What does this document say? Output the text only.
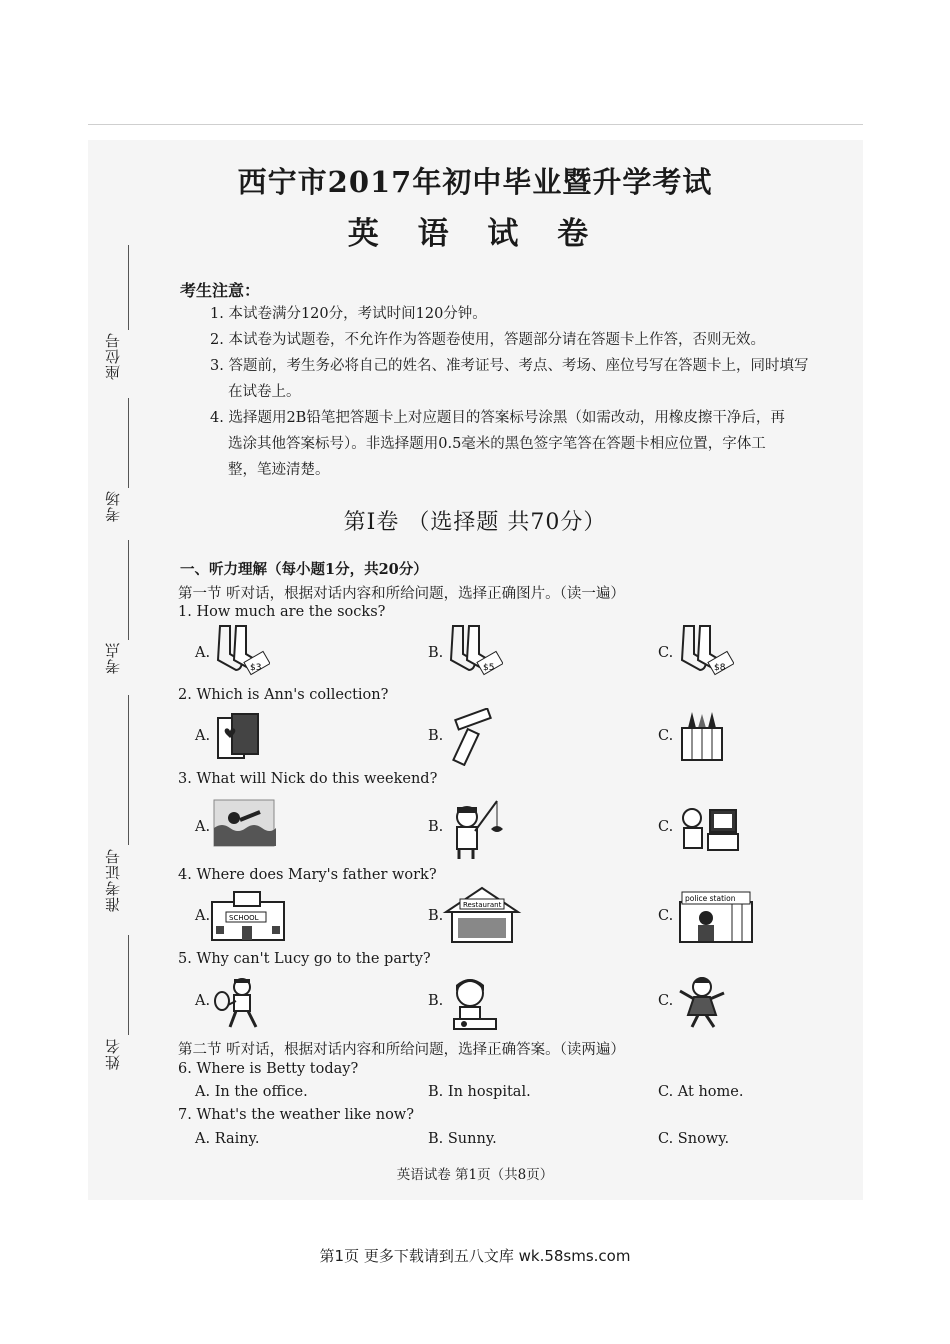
座位号
考场
考点
准考证号
姓名
西宁市2017年初中毕业暨升学考试
英 语 试 卷
考生注意：
1. 本试卷满分120分，考试时间120分钟。
2. 本试卷为试题卷，不允许作为答题卷使用，答题部分请在答题卡上作答，否则无效。
3. 答题前，考生务必将自己的姓名、准考证号、考点、考场、座位号写在答题卡上，同时填写
在试卷上。
4. 选择题用2B铅笔把答题卡上对应题目的答案标号涂黑（如需改动，用橡皮擦干净后，再
选涂其他答案标号）。非选择题用0.5毫米的黑色签字笔答在答题卡相应位置，字体工
整，笔迹清楚。
第Ⅰ卷 （选择题 共70分）
一、听力理解（每小题1分，共20分）
第一节 听对话，根据对话内容和所给问题，选择正确图片。（读一遍）
1. How much are the socks?
A.	B.	C.
$3	$5	$8
2. Which is Ann's collection?
A.	B.	C.
3. What will Nick do this weekend?
A.	B.	C.
4. Where does Mary's father work?
A.	B.	C.
SCHOOL
Restaurant
police station
5. Why can't Lucy go to the party?
A.	B.	C.
第二节 听对话，根据对话内容和所给问题，选择正确答案。（读两遍）
6. Where is Betty today?
A. In the office.	B. In hospital.	C. At home.
7. What's the weather like now?
A. Rainy.	B. Sunny.	C. Snowy.
英语试卷 第1页（共8页）
第1页 更多下载请到五八文库 wk.58sms.com
